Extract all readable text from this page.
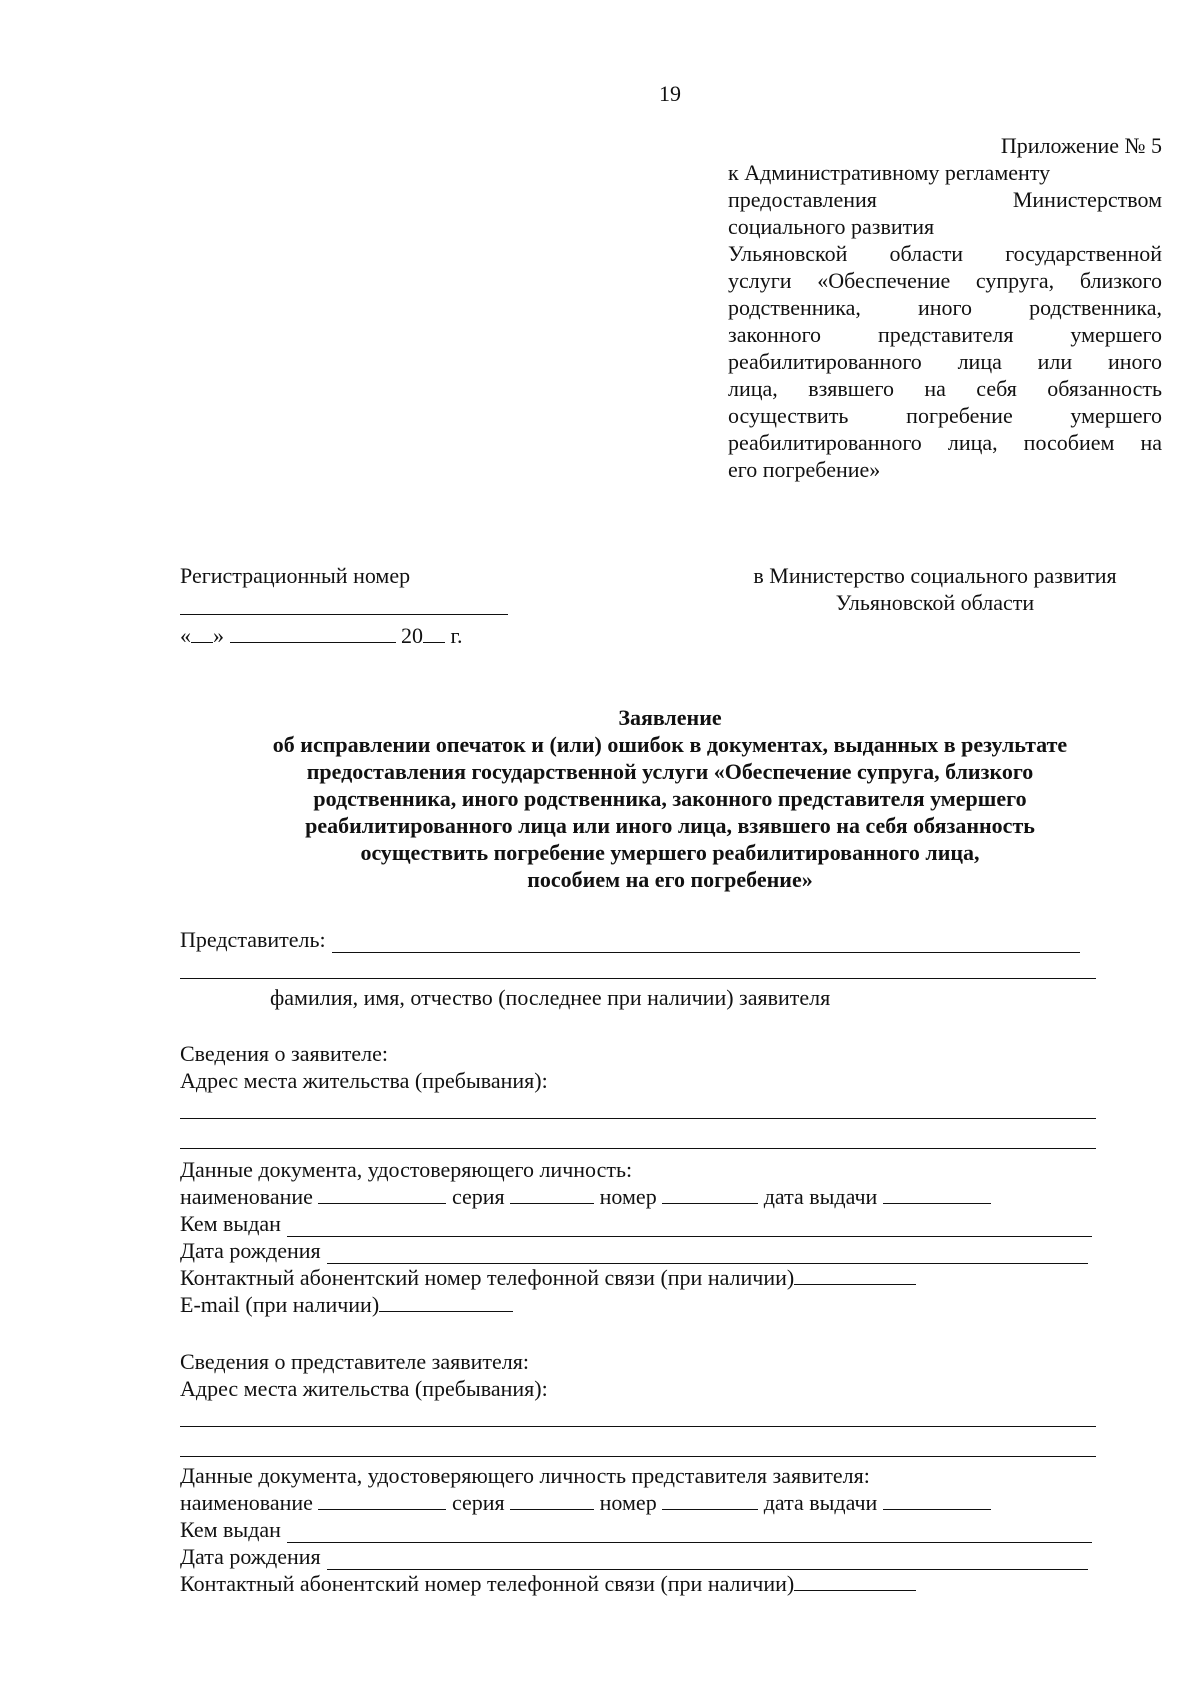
19
Приложение № 5
к Административному регламенту
предоставления Министерством
социального развития
Ульяновской области государственной
услуги «Обеспечение супруга, близкого
родственника, иного родственника,
законного представителя умершего
реабилитированного лица или иного
лица, взявшего на себя обязанность
осуществить погребение умершего
реабилитированного лица, пособием на
его погребение»
Регистрационный номер
« »	20 г.
в Министерство социального развития
Ульяновской области
Заявление
об исправлении опечаток и (или) ошибок в документах, выданных в результате
предоставления государственной услуги «Обеспечение супруга, близкого
родственника, иного родственника, законного представителя умершего
реабилитированного лица или иного лица, взявшего на себя обязанность
осуществить погребение умершего реабилитированного лица,
пособием на его погребение»
Представитель:
фамилия, имя, отчество (последнее при наличии) заявителя
Сведения о заявителе:
Адрес места жительства (пребывания):
Данные документа, удостоверяющего личность:
наименование	серия	номер	дата выдачи
Кем выдан
Дата рождения
Контактный абонентский номер телефонной связи (при наличии)
E-mail (при наличии)
Сведения о представителе заявителя:
Адрес места жительства (пребывания):
Данные документа, удостоверяющего личность представителя заявителя:
наименование	серия	номер	дата выдачи
Кем выдан
Дата рождения
Контактный абонентский номер телефонной связи (при наличии)
